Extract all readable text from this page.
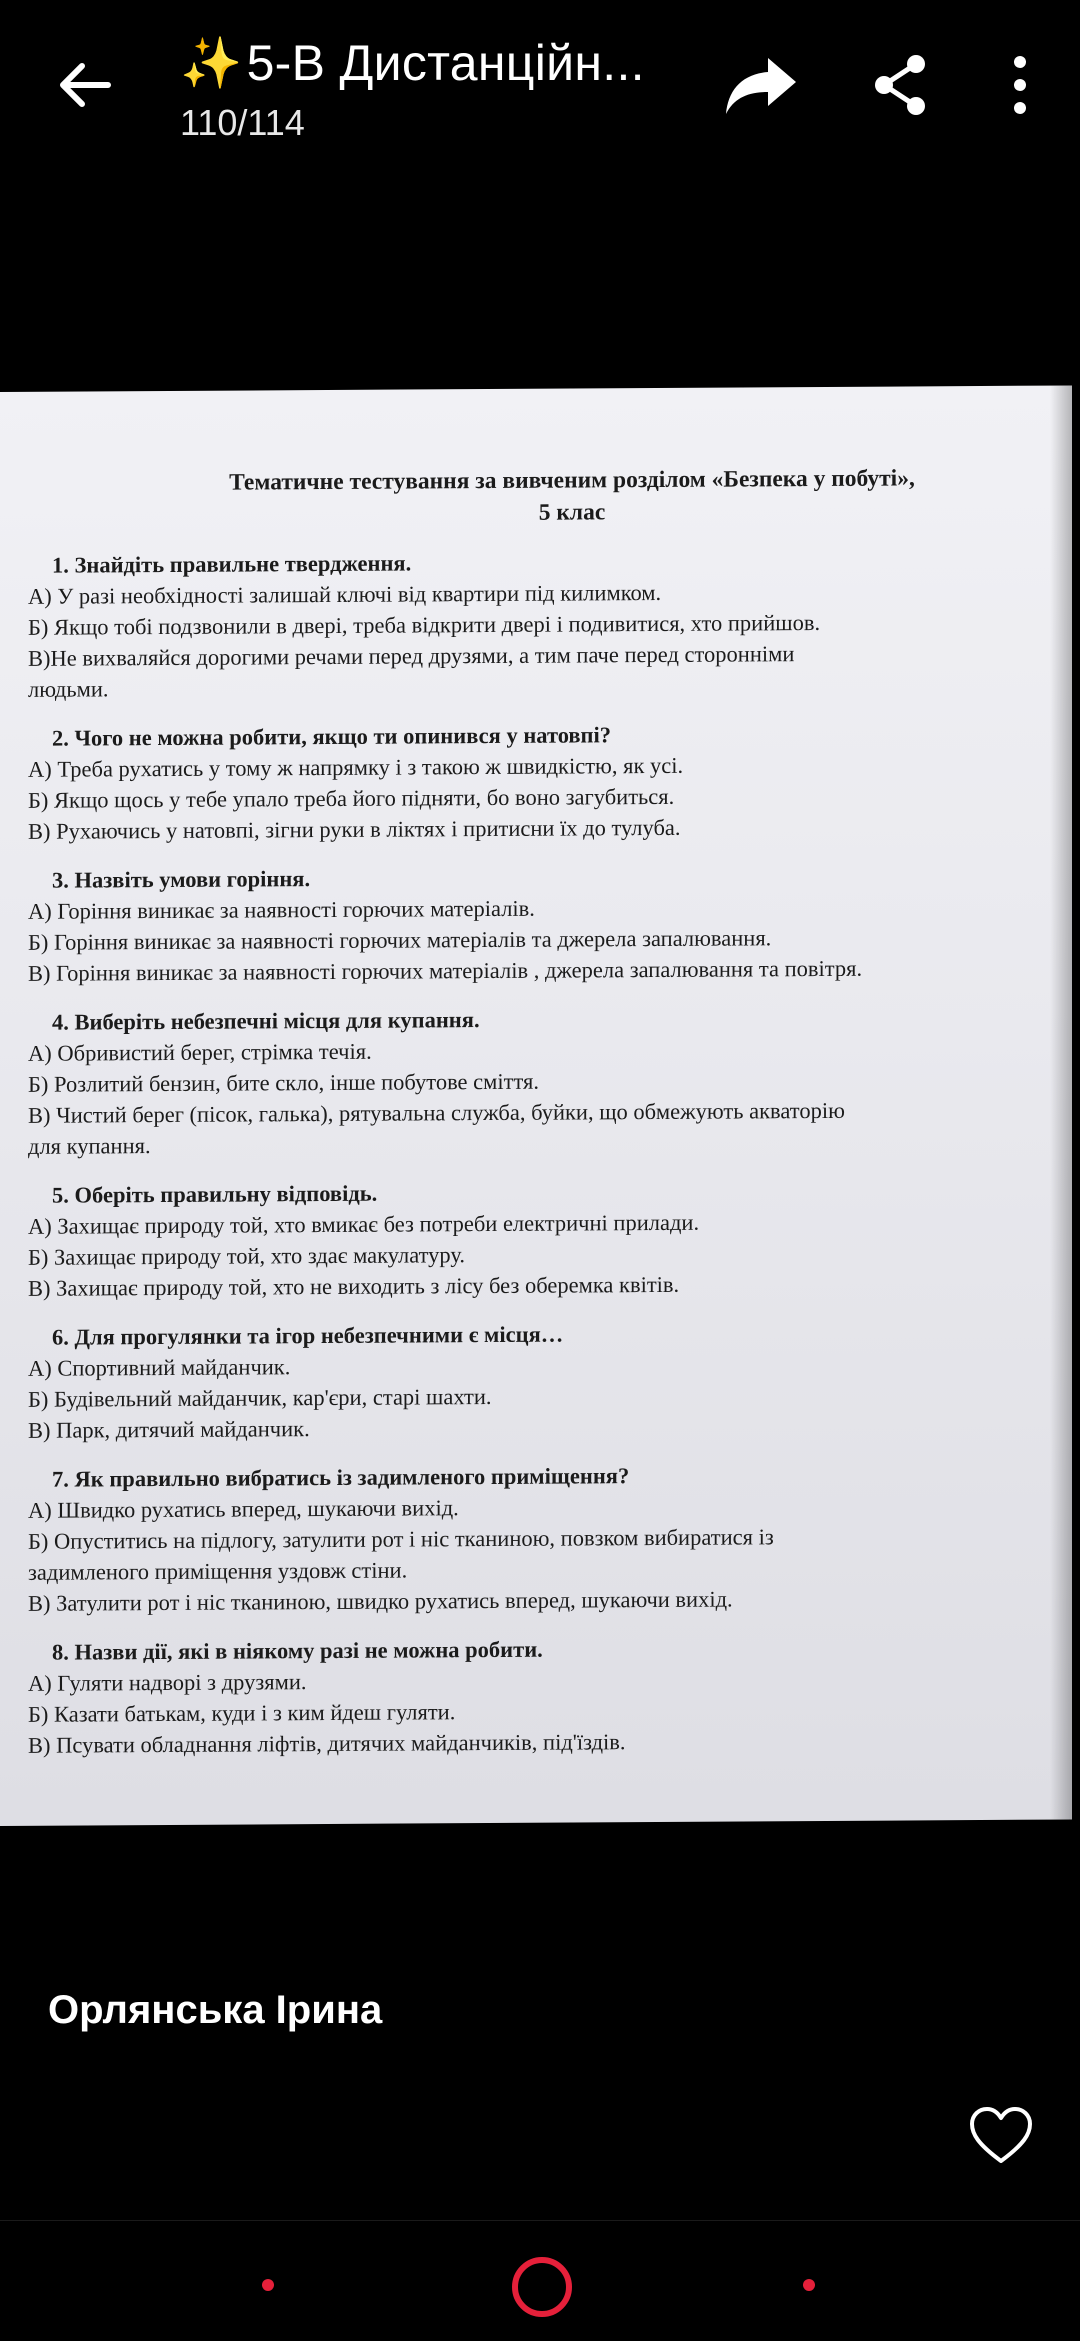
✨5-В Дистанційн...
110/114
Тематичне тестування за вивченим розділом «Безпека у побуті»,
5 клас
1. Знайдіть правильне твердження.
А) У разі необхідності залишай ключі від квартири під килимком.
Б) Якщо тобі подзвонили в двері, треба відкрити двері і подивитися, хто прийшов.
В)Не вихваляйся дорогими речами перед друзями, а тим паче перед сторонніми
людьми.
2. Чого не можна робити, якщо ти опинився у натовпі?
А) Треба рухатись у тому ж напрямку і з такою ж швидкістю, як усі.
Б) Якщо щось у тебе упало треба його підняти, бо воно загубиться.
В) Рухаючись у натовпі, зігни руки в ліктях і притисни їх до тулуба.
3. Назвіть умови горіння.
А) Горіння виникає за наявності горючих матеріалів.
Б) Горіння виникає за наявності горючих матеріалів та джерела запалювання.
В) Горіння виникає за наявності горючих матеріалів , джерела запалювання та повітря.
4. Виберіть небезпечні місця для купання.
А) Обривистий берег, стрімка течія.
Б) Розлитий бензин, бите скло, інше побутове сміття.
В) Чистий берег (пісок, галька), рятувальна служба, буйки, що обмежують акваторію
для купання.
5. Оберіть правильну відповідь.
А) Захищає природу той, хто вмикає без потреби електричні прилади.
Б) Захищає природу той, хто здає макулатуру.
В) Захищає природу той, хто не виходить з лісу без оберемка квітів.
6. Для прогулянки та ігор небезпечними є місця…
А) Спортивний майданчик.
Б) Будівельний майданчик, кар'єри, старі шахти.
В) Парк, дитячий майданчик.
7. Як правильно вибратись із задимленого приміщення?
А) Швидко рухатись вперед, шукаючи вихід.
Б) Опуститись на підлогу, затулити рот і ніс тканиною, повзком вибиратися із
задимленого приміщення уздовж стіни.
В) Затулити рот і ніс тканиною, швидко рухатись вперед, шукаючи вихід.
8. Назви дії, які в ніякому разі не можна робити.
А) Гуляти надворі з друзями.
Б) Казати батькам, куди і з ким йдеш гуляти.
В) Псувати обладнання ліфтів, дитячих майданчиків, під'їздів.
Орлянська Ірина
